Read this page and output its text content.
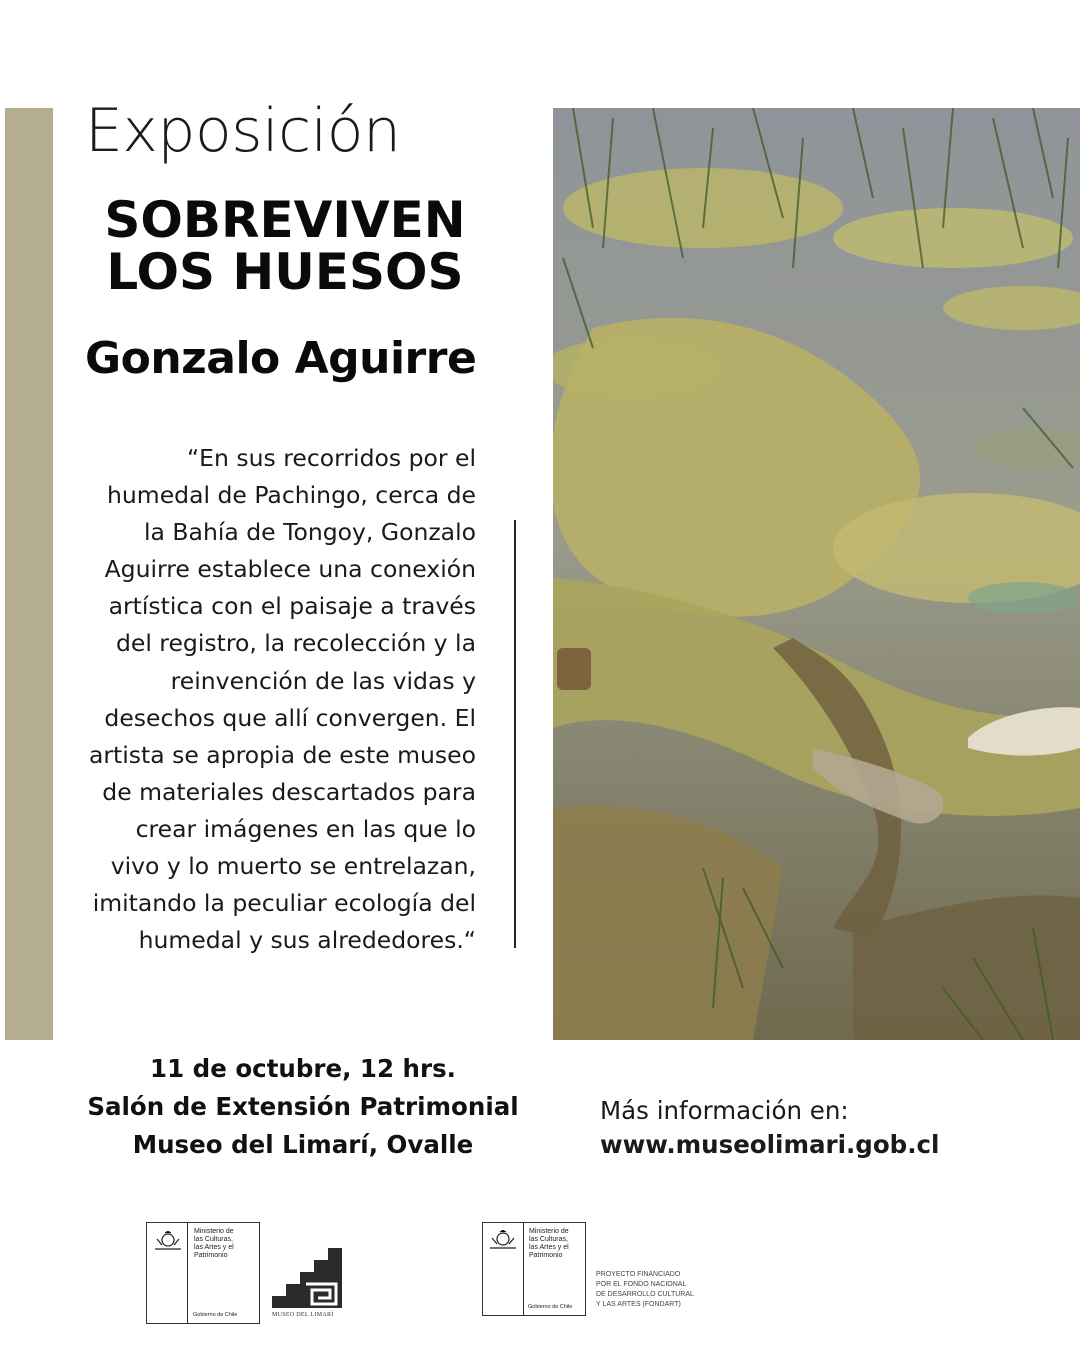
Exposición
SOBREVIVEN
LOS HUESOS
Gonzalo Aguirre
“En sus recorridos por el humedal de Pachingo, cerca de la Bahía de Tongoy, Gonzalo Aguirre establece una conexión artística con el paisaje a través del registro, la recolección y la reinvención de las vidas y desechos que allí convergen. El artista se apropia de este museo de materiales descartados para crear imágenes en las que lo vivo y lo muerto se entrelazan, imitando la peculiar ecología del humedal y sus alrededores.“
11 de octubre, 12 hrs.
Salón de Extensión Patrimonial
Museo del Limarí, Ovalle
Más información en:
www.museolimari.gob.cl
Ministerio de
las Culturas,
las Artes y el
Patrimonio
Gobierno de Chile	MUSEO DEL LIMARÍ
Ministerio de
las Culturas,
las Artes y el
Patrimonio
Gobierno de Chile
PROYECTO FINANCIADO
POR EL FONDO NACIONAL
DE DESARROLLO CULTURAL
Y LAS ARTES (FONDART)
